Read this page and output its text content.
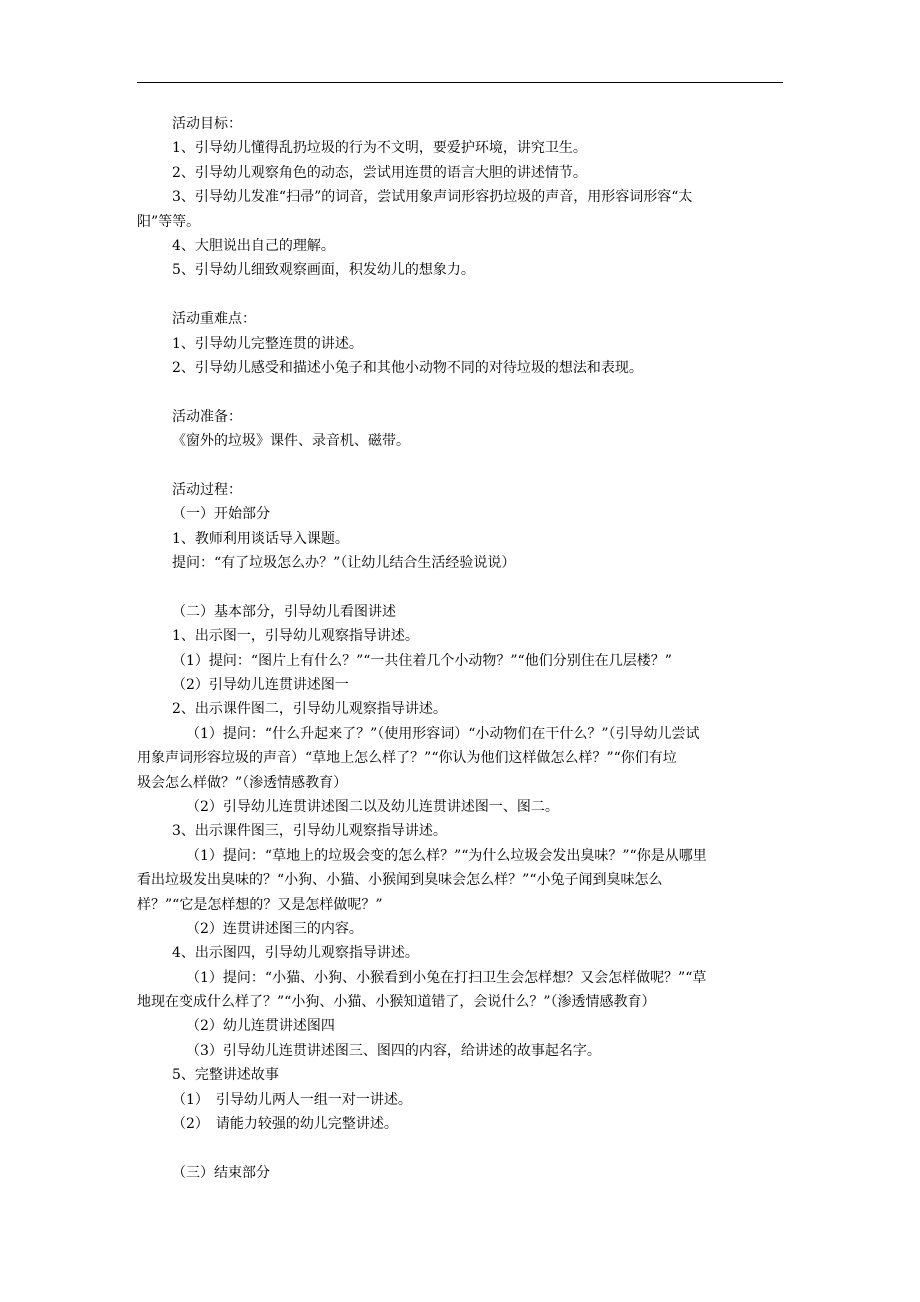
活动目标：
1、引导幼儿懂得乱扔垃圾的行为不文明，要爱护环境，讲究卫生。
2、引导幼儿观察角色的动态，尝试用连贯的语言大胆的讲述情节。
3、引导幼儿发准“扫帚”的词音，尝试用象声词形容扔垃圾的声音，用形容词形容“太
阳”等等。
4、大胆说出自己的理解。
5、引导幼儿细致观察画面，积发幼儿的想象力。
活动重难点：
1、引导幼儿完整连贯的讲述。
2、引导幼儿感受和描述小兔子和其他小动物不同的对待垃圾的想法和表现。
活动准备：
《窗外的垃圾》课件、录音机、磁带。
活动过程：
（一）开始部分
1、教师利用谈话导入课题。
提问：“有了垃圾怎么办？”（让幼儿结合生活经验说说）
（二）基本部分，引导幼儿看图讲述
1、出示图一，引导幼儿观察指导讲述。
（1）提问：“图片上有什么？”“一共住着几个小动物？”“他们分别住在几层楼？”
（2）引导幼儿连贯讲述图一
2、出示课件图二，引导幼儿观察指导讲述。
（1）提问：“什么升起来了？”（使用形容词）“小动物们在干什么？”（引导幼儿尝试
用象声词形容垃圾的声音）“草地上怎么样了？”“你认为他们这样做怎么样？”“你们有垃
圾会怎么样做？”（渗透情感教育）
（2）引导幼儿连贯讲述图二以及幼儿连贯讲述图一、图二。
3、出示课件图三，引导幼儿观察指导讲述。
（1）提问：“草地上的垃圾会变的怎么样？”“为什么垃圾会发出臭味？”“你是从哪里
看出垃圾发出臭味的？“小狗、小猫、小猴闻到臭味会怎么样？”“小兔子闻到臭味怎么
样？”“它是怎样想的？又是怎样做呢？”
（2）连贯讲述图三的内容。
4、出示图四，引导幼儿观察指导讲述。
（1）提问：“小猫、小狗、小猴看到小兔在打扫卫生会怎样想？又会怎样做呢？”“草
地现在变成什么样了？”“小狗、小猫、小猴知道错了，会说什么？”（渗透情感教育）
（2）幼儿连贯讲述图四
（3）引导幼儿连贯讲述图三、图四的内容，给讲述的故事起名字。
5、完整讲述故事
（1）　引导幼儿两人一组一对一讲述。
（2）　请能力较强的幼儿完整讲述。
（三）结束部分
